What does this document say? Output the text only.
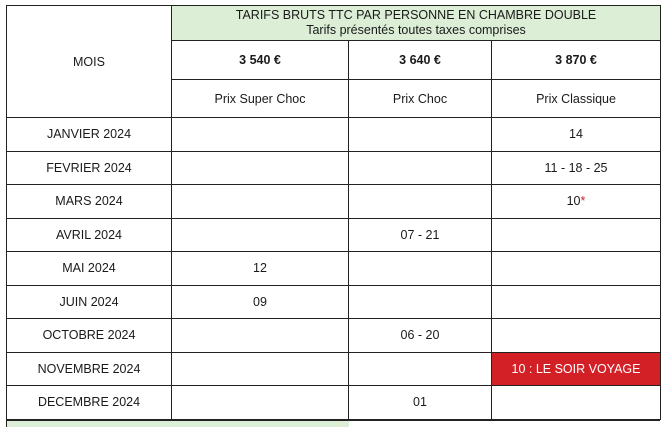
MOIS	TARIFS BRUTS TTC PAR PERSONNE EN CHAMBRE DOUBLE
Tarifs présentés toutes taxes comprises		

	3 540 €	3 640 €	3 870 €
	Prix Super Choc	Prix Choc	Prix Classique
JANVIER 2024			14
FEVRIER 2024			11 - 18 - 25
MARS 2024			10*
AVRIL 2024		07 - 21	
MAI 2024	12		
JUIN 2024	09		
OCTOBRE 2024		06 - 20	
NOVEMBRE 2024			10 : LE SOIR VOYAGE
DECEMBRE 2024		01	
